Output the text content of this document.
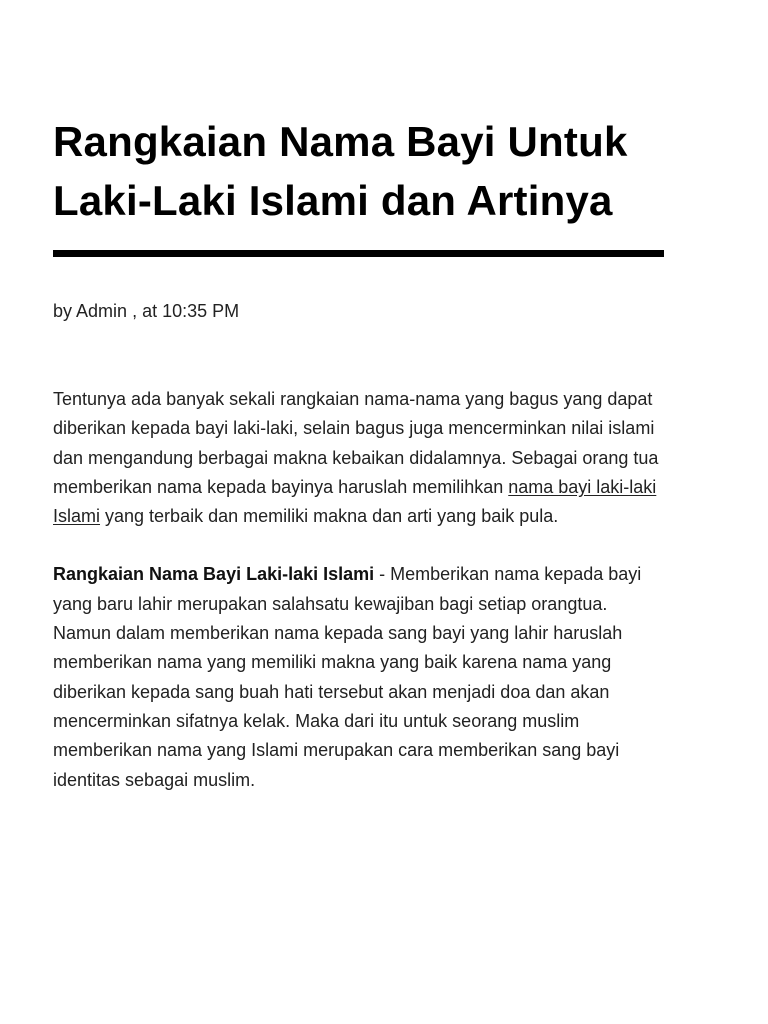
Rangkaian Nama Bayi Untuk Laki-Laki Islami dan Artinya
by Admin , at 10:35 PM

Tentunya ada banyak sekali rangkaian nama-nama yang bagus yang dapat diberikan kepada bayi laki-laki, selain bagus juga mencerminkan nilai islami dan mengandung berbagai makna kebaikan didalamnya. Sebagai orang tua memberikan nama kepada bayinya haruslah memilihkan nama bayi laki-laki Islami yang terbaik dan memiliki makna dan arti yang baik pula.

Rangkaian Nama Bayi Laki-laki Islami - Memberikan nama kepada bayi yang baru lahir merupakan salahsatu kewajiban bagi setiap orangtua. Namun dalam memberikan nama kepada sang bayi yang lahir haruslah memberikan nama yang memiliki makna yang baik karena nama yang diberikan kepada sang buah hati tersebut akan menjadi doa dan akan mencerminkan sifatnya kelak. Maka dari itu untuk seorang muslim memberikan nama yang Islami merupakan cara memberikan sang bayi identitas sebagai muslim.
